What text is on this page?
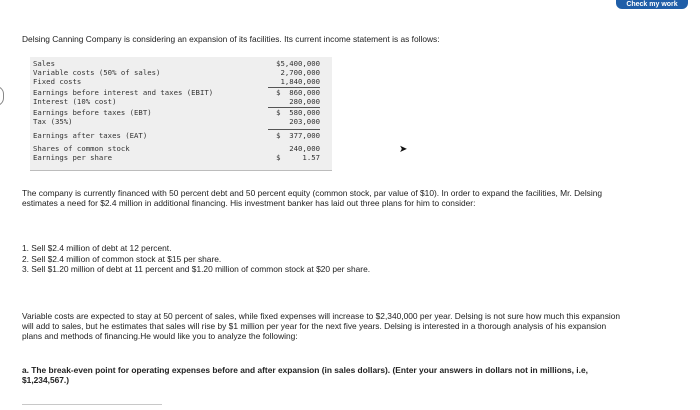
Check my work
Delsing Canning Company is considering an expansion of its facilities. Its current income statement is as follows:
Sales	$5,400,000
Variable costs (50% of sales)	2,700,000
Fixed costs	1,840,000
Earnings before interest and taxes (EBIT)	$  860,000
Interest (10% cost)	280,000
Earnings before taxes (EBT)	$  580,000
Tax (35%)	203,000
Earnings after taxes (EAT)	$  377,000
Shares of common stock	240,000
Earnings per share	$     1.57
➤
The company is currently financed with 50 percent debt and 50 percent equity (common stock, par value of $10). In order to expand the facilities, Mr. Delsing estimates a need for $2.4 million in additional financing. His investment banker has laid out three plans for him to consider:
1. Sell $2.4 million of debt at 12 percent.
2. Sell $2.4 million of common stock at $15 per share.
3. Sell $1.20 million of debt at 11 percent and $1.20 million of common stock at $20 per share.
Variable costs are expected to stay at 50 percent of sales, while fixed expenses will increase to $2,340,000 per year. Delsing is not sure how much this expansion will add to sales, but he estimates that sales will rise by $1 million per year for the next five years. Delsing is interested in a thorough analysis of his expansion plans and methods of financing.He would like you to analyze the following:
a. The break-even point for operating expenses before and after expansion (in sales dollars). (Enter your answers in dollars not in millions, i.e, $1,234,567.)
